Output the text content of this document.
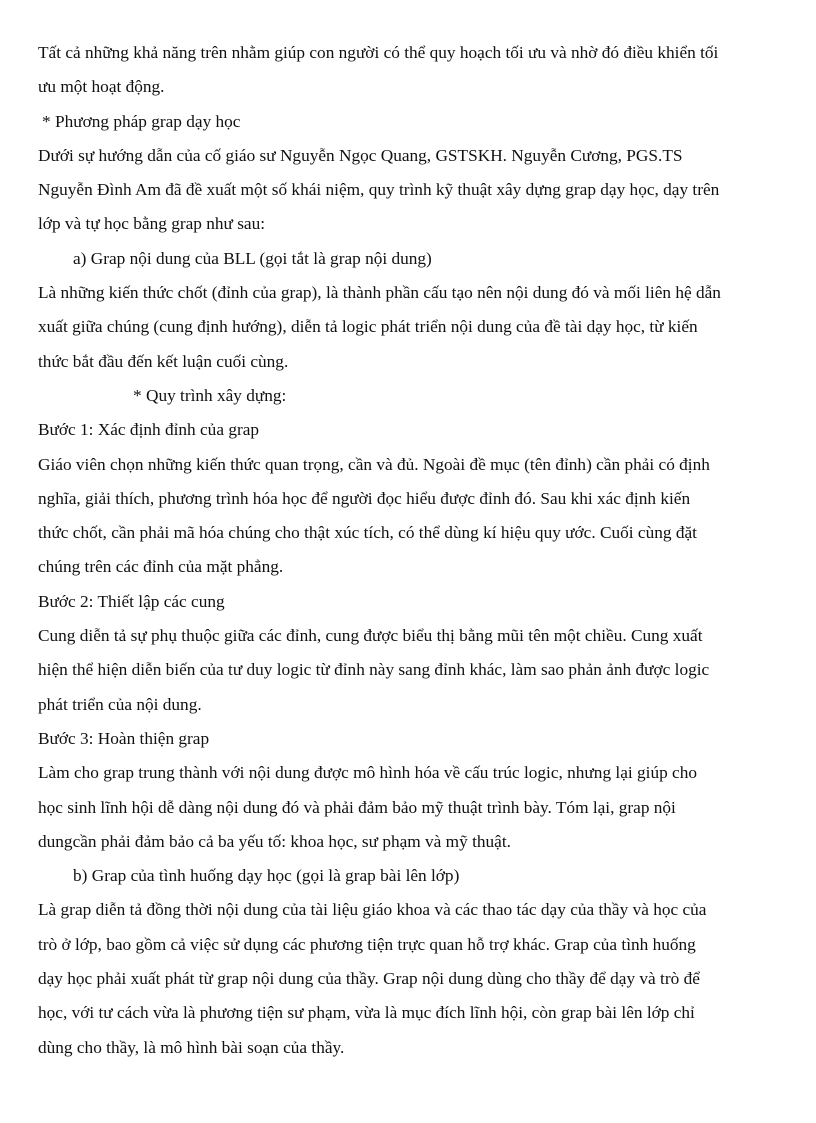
Tất cả những khả năng trên nhằm giúp con người có thể quy hoạch tối ưu và nhờ đó điều khiển tối
ưu một hoạt động.
* Phương pháp grap dạy học
Dưới sự hướng dẫn của cố giáo sư Nguyễn Ngọc Quang, GSTSKH. Nguyễn Cương, PGS.TS
Nguyễn Đình Am đã đề xuất một số khái niệm, quy trình kỹ thuật xây dựng grap dạy học, dạy trên
lớp và tự học bằng grap như sau:
a) Grap nội dung của BLL (gọi tắt là grap nội dung)
Là những kiến thức chốt (đỉnh của grap), là thành phần cấu tạo nên nội dung đó và mối liên hệ dẫn
xuất giữa chúng (cung định hướng), diễn tả logic phát triển nội dung của đề tài dạy học, từ kiến
thức bắt đầu đến kết luận cuối cùng.
* Quy trình xây dựng:
Bước 1: Xác định đỉnh của grap
Giáo viên chọn những kiến thức quan trọng, cần và đủ. Ngoài đề mục (tên đỉnh) cần phải có định
nghĩa, giải thích, phương trình hóa học để người đọc hiểu được đỉnh đó. Sau khi xác định kiến
thức chốt, cần phải mã hóa chúng cho thật xúc tích, có thể dùng kí hiệu quy ước. Cuối cùng đặt
chúng trên các đỉnh của mặt phẳng.
Bước 2: Thiết lập các cung
Cung diễn tả sự phụ thuộc giữa các đỉnh, cung được biểu thị bằng mũi tên một chiều. Cung xuất
hiện thể hiện diễn biến của tư duy logic từ đỉnh này sang đỉnh khác, làm sao phản ảnh được logic
phát triển của nội dung.
Bước 3: Hoàn thiện grap
Làm cho grap trung thành với nội dung được mô hình hóa về cấu trúc logic, nhưng lại giúp cho
học sinh lĩnh hội dễ dàng nội dung đó và phải đảm bảo mỹ thuật trình bày. Tóm lại, grap nội
dungcần phải đảm bảo cả ba yếu tố: khoa học, sư phạm và mỹ thuật.
b) Grap của tình huống dạy học (gọi là grap bài lên lớp)
Là grap diễn tả đồng thời nội dung của tài liệu giáo khoa và các thao tác dạy của thầy và học của
trò ở lớp, bao gồm cả việc sử dụng các phương tiện trực quan hỗ trợ khác. Grap của tình huống
dạy học phải xuất phát từ grap nội dung của thầy. Grap nội dung dùng cho thầy để dạy và trò để
học, với tư cách vừa là phương tiện sư phạm, vừa là mục đích lĩnh hội, còn grap bài lên lớp chỉ
dùng cho thầy, là mô hình bài soạn của thầy.
